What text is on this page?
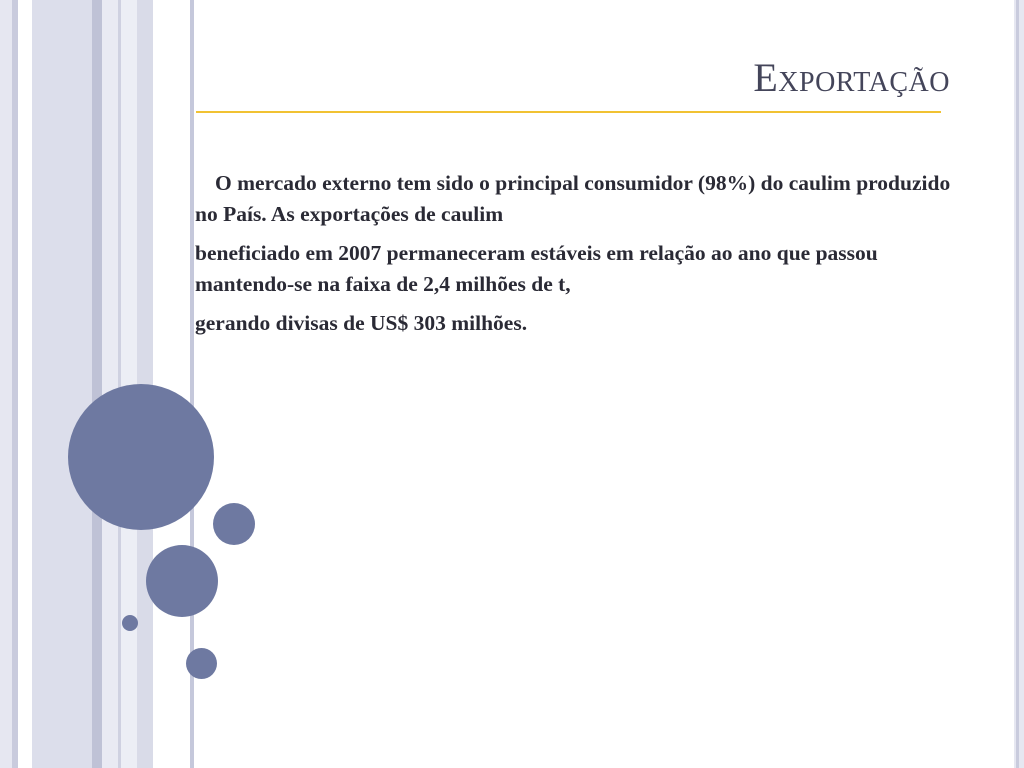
Exportação

O mercado externo tem sido o principal consumidor (98%) do caulim produzido no País. As exportações de caulim

beneficiado em 2007 permaneceram estáveis em relação ao ano que passou mantendo-se na faixa de 2,4 milhões de t,

gerando divisas de US$ 303 milhões.
